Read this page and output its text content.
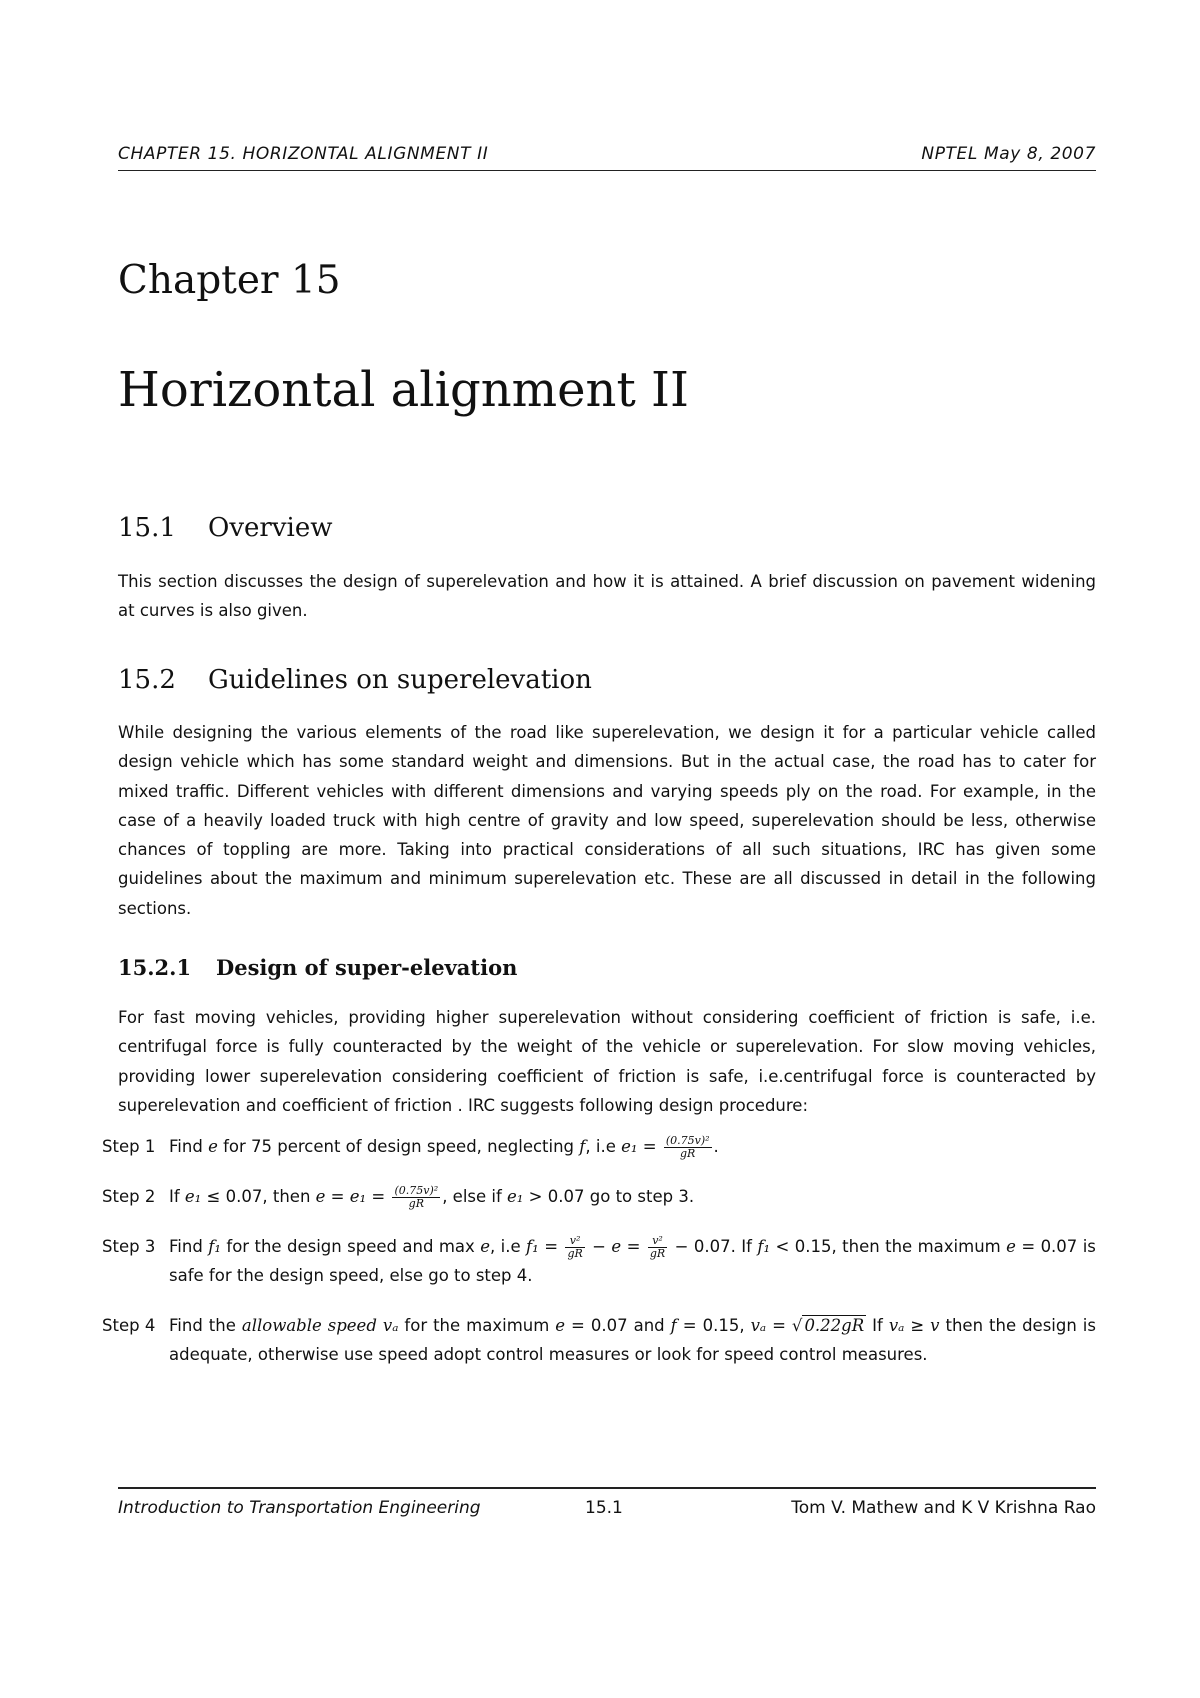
CHAPTER 15. HORIZONTAL ALIGNMENT II	NPTEL May 8, 2007
Chapter 15
Horizontal alignment II
15.1 Overview
This section discusses the design of superelevation and how it is attained. A brief discussion on pavement widening at curves is also given.
15.2 Guidelines on superelevation
While designing the various elements of the road like superelevation, we design it for a particular vehicle called design vehicle which has some standard weight and dimensions. But in the actual case, the road has to cater for mixed traffic. Different vehicles with different dimensions and varying speeds ply on the road. For example, in the case of a heavily loaded truck with high centre of gravity and low speed, superelevation should be less, otherwise chances of toppling are more. Taking into practical considerations of all such situations, IRC has given some guidelines about the maximum and minimum superelevation etc. These are all discussed in detail in the following sections.
15.2.1 Design of super-elevation
For fast moving vehicles, providing higher superelevation without considering coefficient of friction is safe, i.e. centrifugal force is fully counteracted by the weight of the vehicle or superelevation. For slow moving vehicles, providing lower superelevation considering coefficient of friction is safe, i.e.centrifugal force is counteracted by superelevation and coefficient of friction . IRC suggests following design procedure:
Step 1 Find e for 75 percent of design speed, neglecting f, i.e $e_1 = \frac{\text{(0.75v)²}}{gR}$ .
Step 2 If e₁ ≤ 0.07, then $e = e_1 = \frac{\text{(0.75v)²}}{gR}$ , else if e₁ > 0.07 go to step 3.
Step 3 Find f₁ for the design speed and max e, i.e $f_1 = \frac{\text{v²}}{gR} - e = \frac{\text{v²}}{gR} - 0.07$. If f₁ < 0.15, then the maximum e = 0.07 is safe for the design speed, else go to step 4.
Step 4 Find the allowable speed vₐ for the maximum e = 0.07 and f = 0.15, vₐ = √ 0.22gR If vₐ ≥ v then the design is adequate, otherwise use speed adopt control measures or look for speed control measures.
Introduction to Transportation Engineering	15.1	Tom V. Mathew and K V Krishna Rao
